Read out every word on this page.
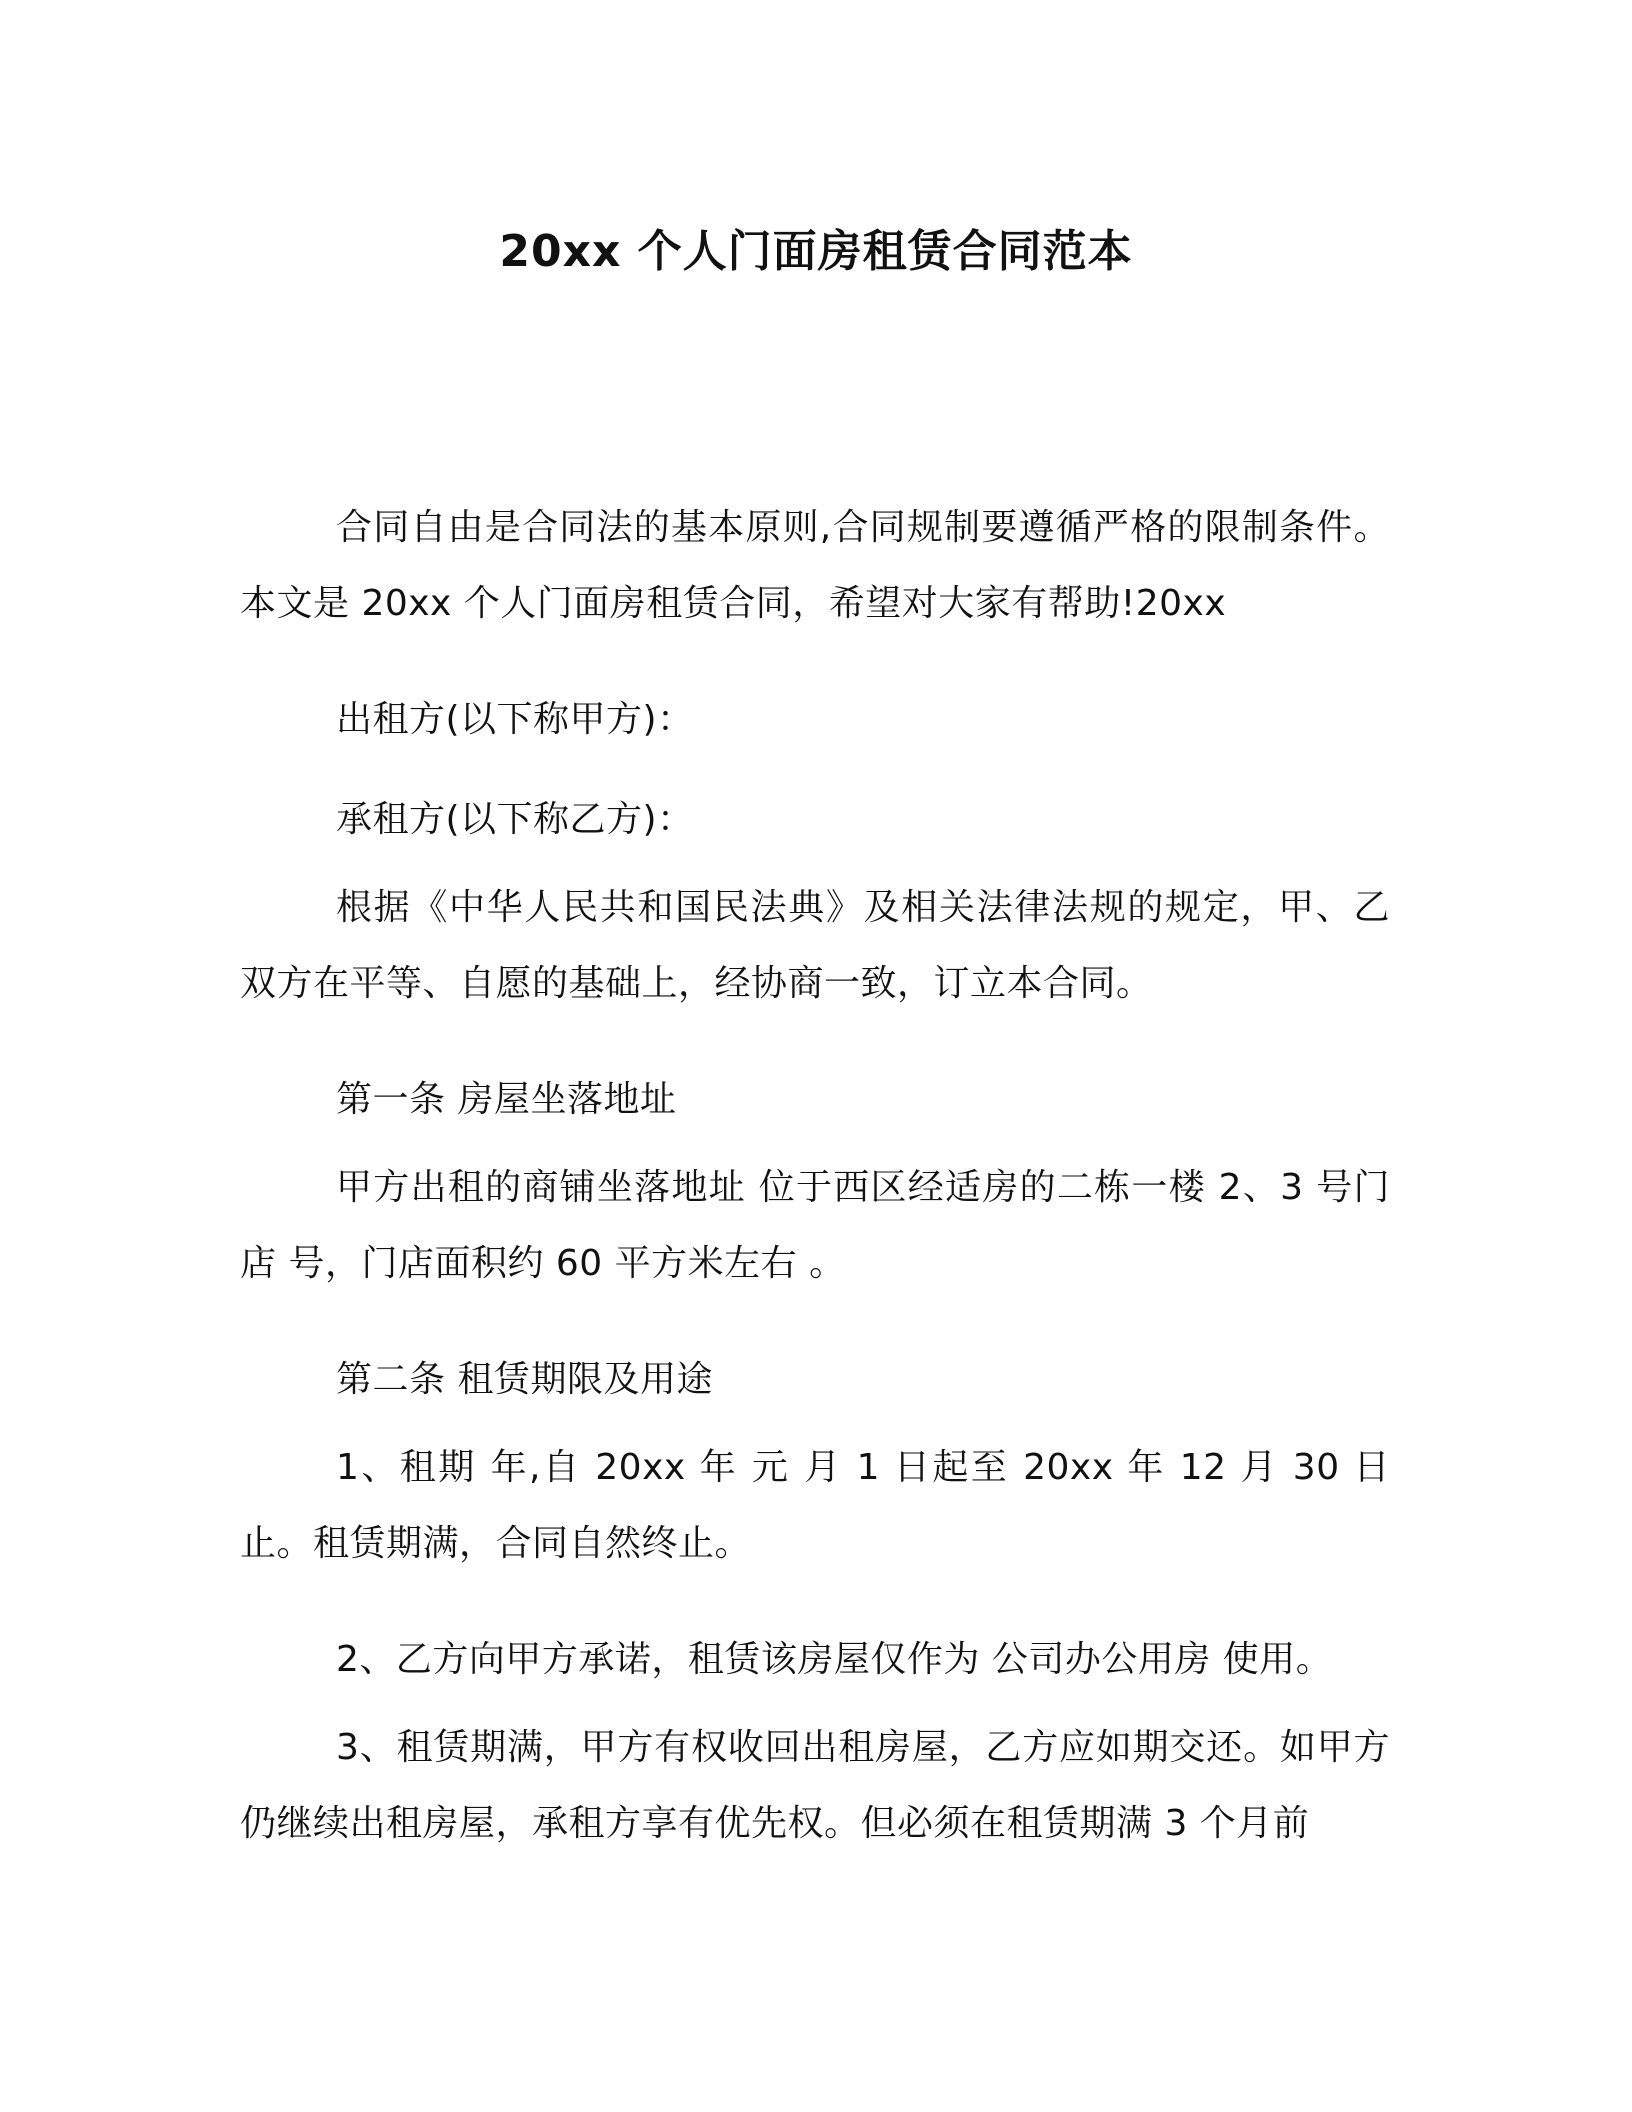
20xx 个人门面房租赁合同范本

合同自由是合同法的基本原则,合同规制要遵循严格的限制条件。本文是 20xx 个人门面房租赁合同，希望对大家有帮助!20xx

出租方(以下称甲方)：

承租方(以下称乙方)：

根据《中华人民共和国民法典》及相关法律法规的规定，甲、乙双方在平等、自愿的基础上，经协商一致，订立本合同。

第一条 房屋坐落地址

甲方出租的商铺坐落地址 位于西区经适房的二栋一楼 2、3 号门店 号，门店面积约 60 平方米左右 。

第二条 租赁期限及用途

1、租期 年,自 20xx 年 元 月 1 日起至 20xx 年 12 月 30 日止。租赁期满，合同自然终止。

2、乙方向甲方承诺，租赁该房屋仅作为 公司办公用房 使用。

3、租赁期满，甲方有权收回出租房屋，乙方应如期交还。如甲方仍继续出租房屋，承租方享有优先权。但必须在租赁期满 3 个月前
